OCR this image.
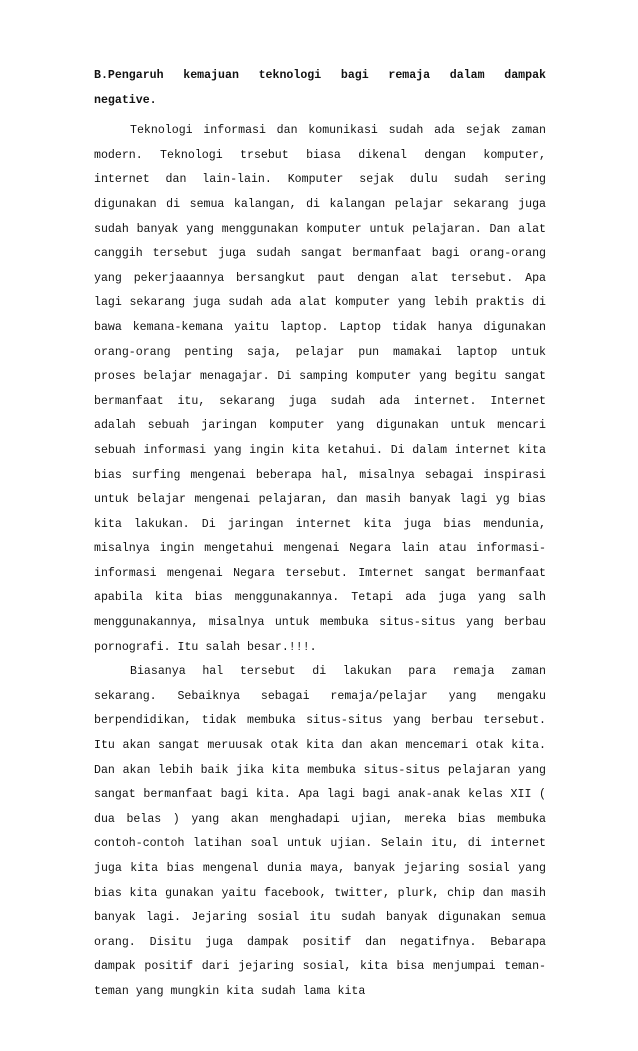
B.Pengaruh kemajuan teknologi bagi remaja dalam dampak
negative.

Teknologi informasi dan komunikasi sudah ada sejak zaman modern. Teknologi trsebut biasa dikenal dengan komputer, internet dan lain-lain. Komputer sejak dulu sudah sering digunakan di semua kalangan, di kalangan pelajar sekarang juga sudah banyak yang menggunakan komputer untuk pelajaran. Dan alat canggih tersebut juga sudah sangat bermanfaat bagi orang-orang yang pekerjaaannya bersangkut paut dengan alat tersebut. Apa lagi sekarang juga sudah ada alat komputer yang lebih praktis di bawa kemana-kemana yaitu laptop. Laptop tidak hanya digunakan orang-orang penting saja, pelajar pun mamakai laptop untuk proses belajar menagajar. Di samping komputer yang begitu sangat bermanfaat itu, sekarang juga sudah ada internet. Internet adalah sebuah jaringan komputer yang digunakan untuk mencari sebuah informasi yang ingin kita ketahui. Di dalam internet kita bias surfing mengenai beberapa hal, misalnya sebagai inspirasi untuk belajar mengenai pelajaran, dan masih banyak lagi yg bias kita lakukan. Di jaringan internet kita juga bias mendunia, misalnya ingin mengetahui mengenai Negara lain atau informasi-informasi mengenai Negara tersebut. Imternet sangat bermanfaat apabila kita bias menggunakannya. Tetapi ada juga yang salh menggunakannya, misalnya untuk membuka situs-situs yang berbau pornografi. Itu salah besar.!!!.

Biasanya hal tersebut di lakukan para remaja zaman sekarang. Sebaiknya sebagai remaja/pelajar yang mengaku berpendidikan, tidak membuka situs-situs yang berbau tersebut. Itu akan sangat meruusak otak kita dan akan mencemari otak kita. Dan akan lebih baik jika kita membuka situs-situs pelajaran yang sangat bermanfaat bagi kita. Apa lagi bagi anak-anak kelas XII ( dua belas ) yang akan menghadapi ujian, mereka bias membuka contoh-contoh latihan soal untuk ujian. Selain itu, di internet juga kita bias mengenal dunia maya, banyak jejaring sosial yang bias kita gunakan yaitu facebook, twitter, plurk, chip dan masih banyak lagi. Jejaring sosial itu sudah banyak digunakan semua orang. Disitu juga dampak positif dan negatifnya. Bebarapa dampak positif dari jejaring sosial, kita bisa menjumpai teman-teman yang mungkin kita sudah lama kita
